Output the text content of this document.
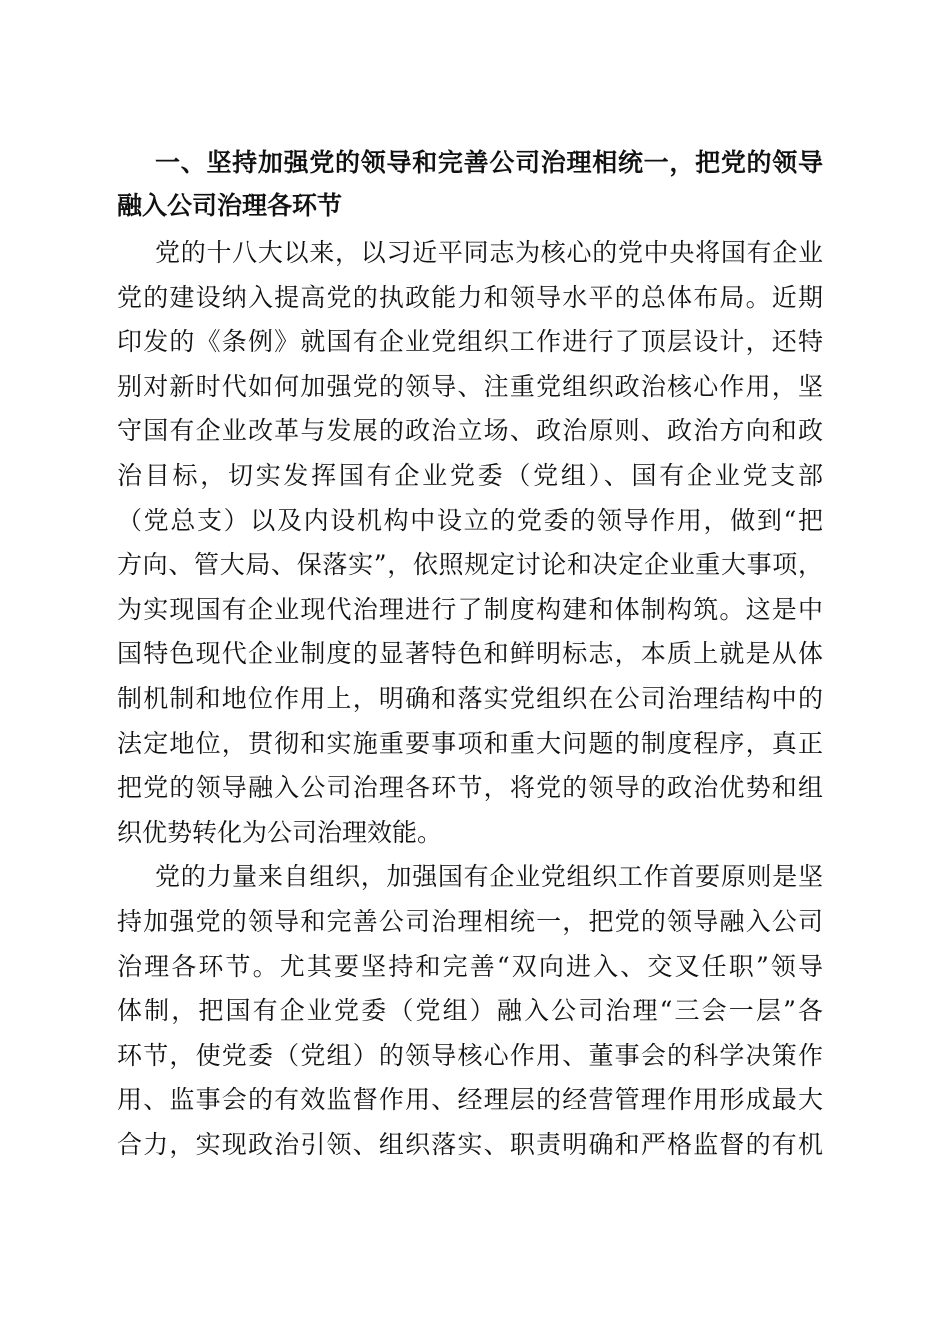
一、坚持加强党的领导和完善公司治理相统一，把党的领导
融入公司治理各环节
党的十八大以来，以习近平同志为核心的党中央将国有企业
党的建设纳入提高党的执政能力和领导水平的总体布局。近期
印发的《条例》就国有企业党组织工作进行了顶层设计，还特
别对新时代如何加强党的领导、注重党组织政治核心作用，坚
守国有企业改革与发展的政治立场、政治原则、政治方向和政
治目标，切实发挥国有企业党委（党组）、国有企业党支部
（党总支）以及内设机构中设立的党委的领导作用，做到“把
方向、管大局、保落实”，依照规定讨论和决定企业重大事项，
为实现国有企业现代治理进行了制度构建和体制构筑。这是中
国特色现代企业制度的显著特色和鲜明标志，本质上就是从体
制机制和地位作用上，明确和落实党组织在公司治理结构中的
法定地位，贯彻和实施重要事项和重大问题的制度程序，真正
把党的领导融入公司治理各环节，将党的领导的政治优势和组
织优势转化为公司治理效能。
党的力量来自组织，加强国有企业党组织工作首要原则是坚
持加强党的领导和完善公司治理相统一，把党的领导融入公司
治理各环节。尤其要坚持和完善“双向进入、交叉任职”领导
体制，把国有企业党委（党组）融入公司治理“三会一层”各
环节，使党委（党组）的领导核心作用、董事会的科学决策作
用、监事会的有效监督作用、经理层的经营管理作用形成最大
合力，实现政治引领、组织落实、职责明确和严格监督的有机
